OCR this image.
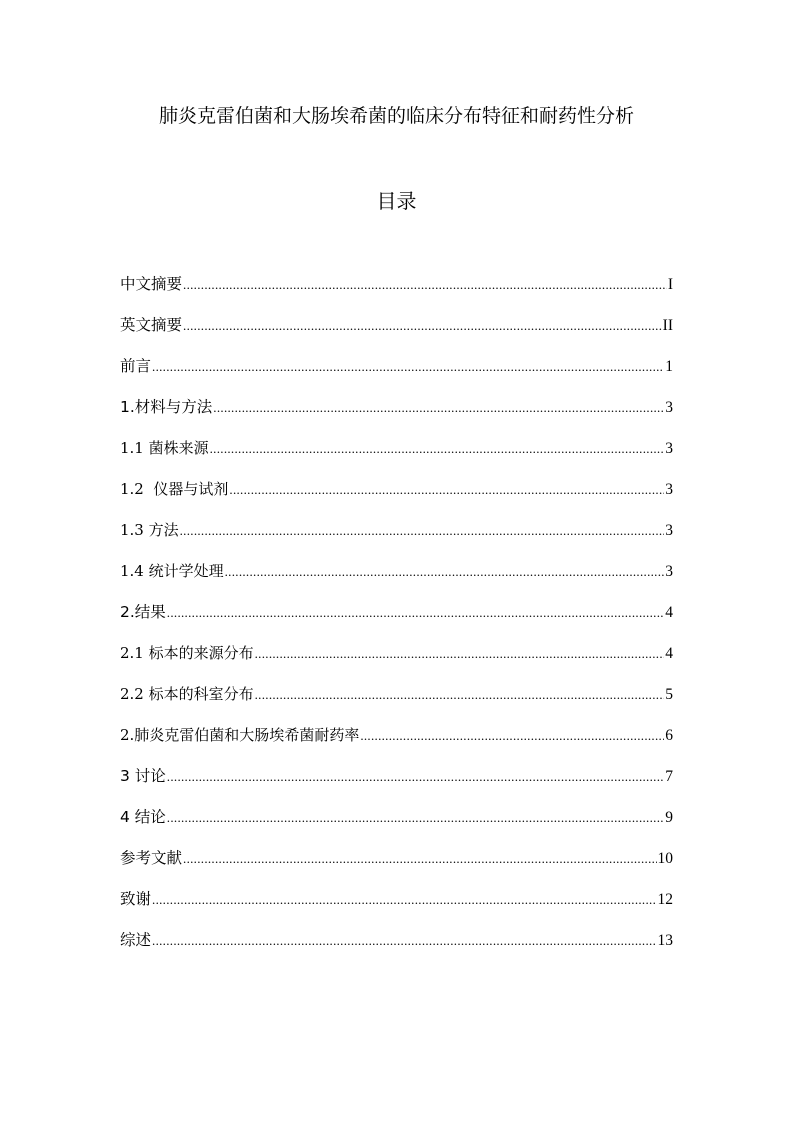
肺炎克雷伯菌和大肠埃希菌的临床分布特征和耐药性分析
目录
中文摘要 .....	I
英文摘要 .....	II
前言 .....	1
1.材料与方法 .....	3
1.1 菌株来源 .....	3
1.2  仪器与试剂 .....	3
1.3 方法 .....	3
1.4 统计学处理 .....	3
2.结果 .....	4
2.1 标本的来源分布 .....	4
2.2 标本的科室分布 .....	5
2.肺炎克雷伯菌和大肠埃希菌耐药率 .....	6
3 讨论 .....	7
4 结论 .....	9
参考文献 .....	10
致谢 .....	12
综述 .....	13
